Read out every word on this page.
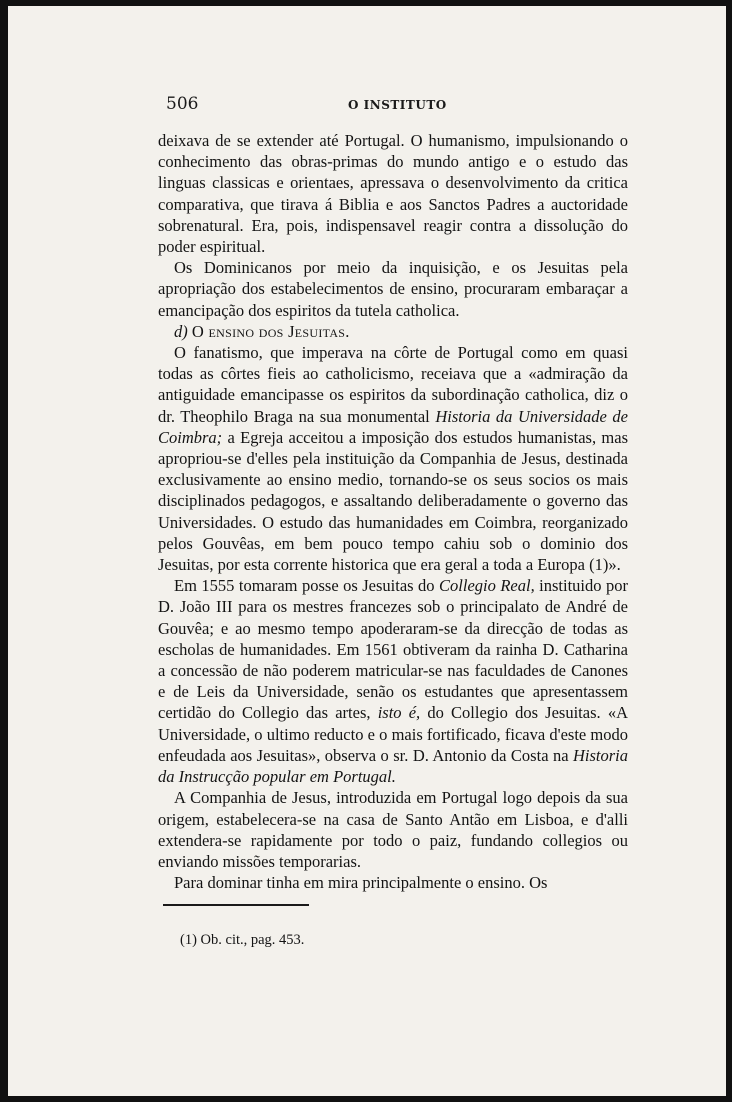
506	O INSTITUTO

deixava de se extender até Portugal. O humanismo, impulsionando o conhecimento das obras-primas do mundo antigo e o estudo das linguas classicas e orientaes, apressava o desenvolvimento da critica comparativa, que tirava á Biblia e aos Sanctos Padres a auctoridade sobrenatural. Era, pois, indispensavel reagir contra a dissolução do poder espiritual.

Os Dominicanos por meio da inquisição, e os Jesuitas pela apropriação dos estabelecimentos de ensino, procuraram embaraçar a emancipação dos espiritos da tutela catholica.

d) O ensino dos Jesuitas.

O fanatismo, que imperava na côrte de Portugal como em quasi todas as côrtes fieis ao catholicismo, receiava que a «admiração da antiguidade emancipasse os espiritos da subordinação catholica, diz o dr. Theophilo Braga na sua monumental Historia da Universidade de Coimbra; a Egreja acceitou a imposição dos estudos humanistas, mas apropriou-se d'elles pela instituição da Companhia de Jesus, destinada exclusivamente ao ensino medio, tornando-se os seus socios os mais disciplinados pedagogos, e assaltando deliberadamente o governo das Universidades. O estudo das humanidades em Coimbra, reorganizado pelos Gouvêas, em bem pouco tempo cahiu sob o dominio dos Jesuitas, por esta corrente historica que era geral a toda a Europa (1)».

Em 1555 tomaram posse os Jesuitas do Collegio Real, instituido por D. João III para os mestres francezes sob o principalato de André de Gouvêa; e ao mesmo tempo apoderaram-se da direcção de todas as escholas de humanidades. Em 1561 obtiveram da rainha D. Catharina a concessão de não poderem matricular-se nas faculdades de Canones e de Leis da Universidade, senão os estudantes que apresentassem certidão do Collegio das artes, isto é, do Collegio dos Jesuitas. «A Universidade, o ultimo reducto e o mais fortificado, ficava d'este modo enfeudada aos Jesuitas», observa o sr. D. Antonio da Costa na Historia da Instrucção popular em Portugal.

A Companhia de Jesus, introduzida em Portugal logo depois da sua origem, estabelecera-se na casa de Santo Antão em Lisboa, e d'alli extendera-se rapidamente por todo o paiz, fundando collegios ou enviando missões temporarias.

Para dominar tinha em mira principalmente o ensino. Os

(1) Ob. cit., pag. 453.
